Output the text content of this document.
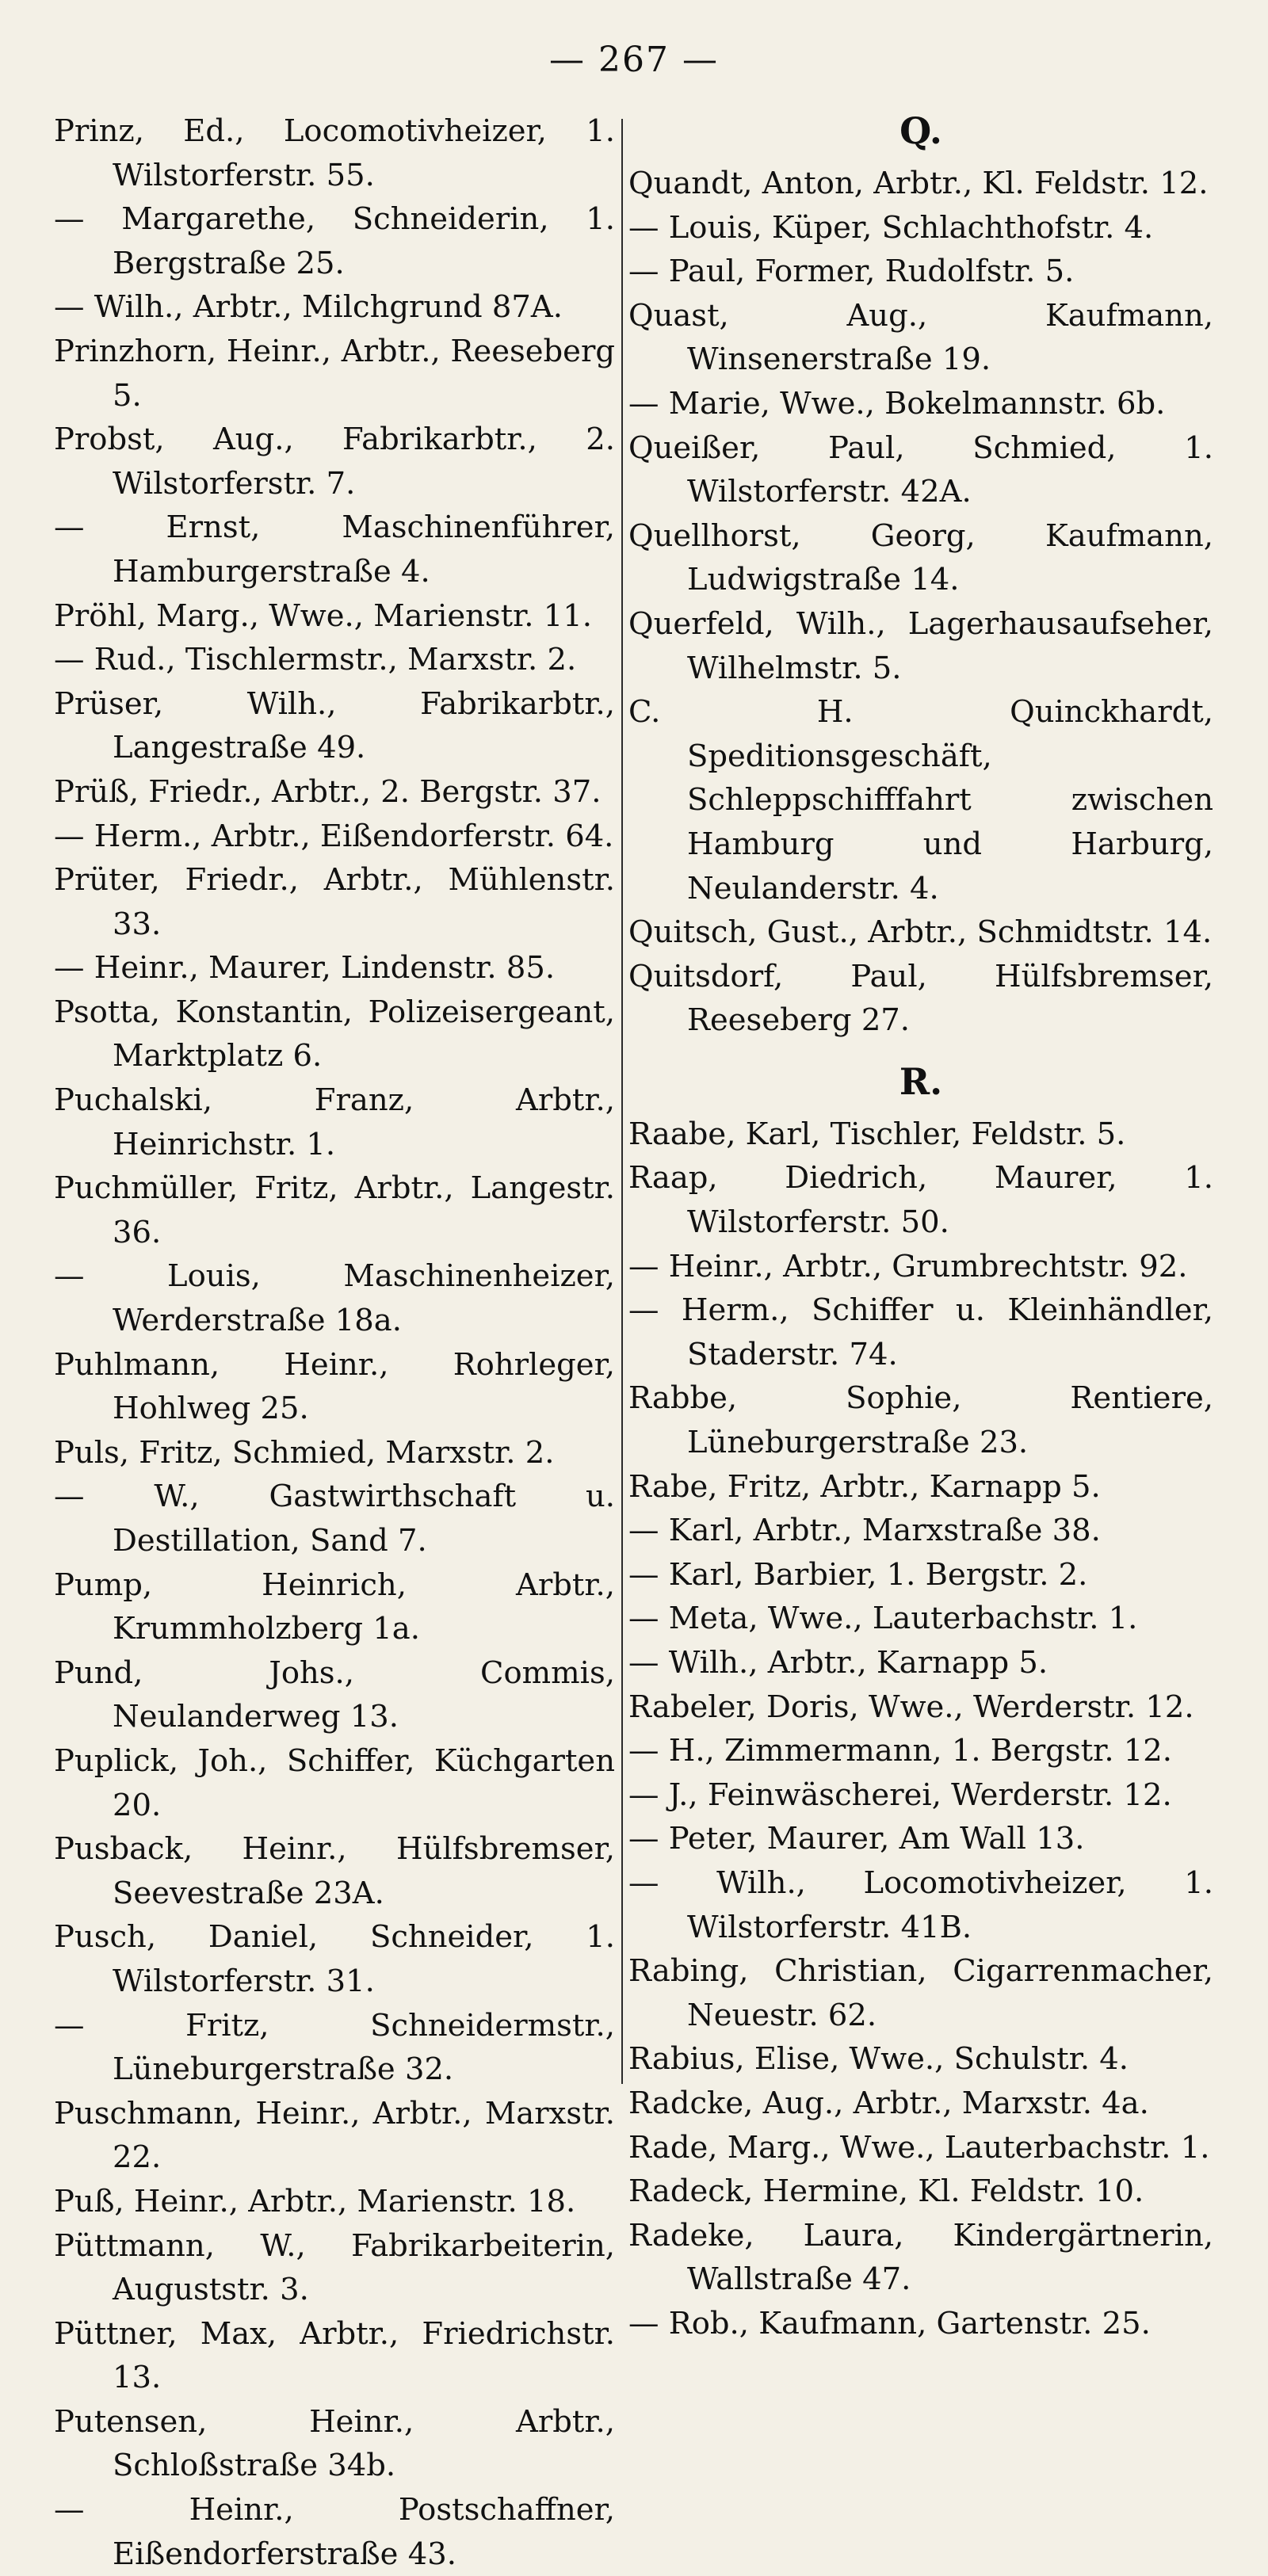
— 267 —

Prinz, Ed., Locomotivheizer, 1. Wilstorferstr. 55.

— Margarethe, Schneiderin, 1. Bergstraße 25.

— Wilh., Arbtr., Milchgrund 87A.

Prinzhorn, Heinr., Arbtr., Reeseberg 5.

Probst, Aug., Fabrikarbtr., 2. Wilstorferstr. 7.

— Ernst, Maschinenführer, Hamburgerstraße 4.

Pröhl, Marg., Wwe., Marienstr. 11.

— Rud., Tischlermstr., Marxstr. 2.

Prüser, Wilh., Fabrikarbtr., Langestraße 49.

Prüß, Friedr., Arbtr., 2. Bergstr. 37.

— Herm., Arbtr., Eißendorferstr. 64.

Prüter, Friedr., Arbtr., Mühlenstr. 33.

— Heinr., Maurer, Lindenstr. 85.

Psotta, Konstantin, Polizeisergeant, Marktplatz 6.

Puchalski, Franz, Arbtr., Heinrichstr. 1.

Puchmüller, Fritz, Arbtr., Langestr. 36.

— Louis, Maschinenheizer, Werderstraße 18a.

Puhlmann, Heinr., Rohrleger, Hohlweg 25.

Puls, Fritz, Schmied, Marxstr. 2.

— W., Gastwirthschaft u. Destillation, Sand 7.

Pump, Heinrich, Arbtr., Krummholzberg 1a.

Pund, Johs., Commis, Neulanderweg 13.

Puplick, Joh., Schiffer, Küchgarten 20.

Pusback, Heinr., Hülfsbremser, Seevestraße 23A.

Pusch, Daniel, Schneider, 1. Wilstorferstr. 31.

— Fritz, Schneidermstr., Lüneburgerstraße 32.

Puschmann, Heinr., Arbtr., Marxstr. 22.

Puß, Heinr., Arbtr., Marienstr. 18.

Püttmann, W., Fabrikarbeiterin, Auguststr. 3.

Püttner, Max, Arbtr., Friedrichstr. 13.

Putensen, Heinr., Arbtr., Schloßstraße 34b.

— Heinr., Postschaffner, Eißendorferstraße 43.

Q.

Quandt, Anton, Arbtr., Kl. Feldstr. 12.

— Louis, Küper, Schlachthofstr. 4.

— Paul, Former, Rudolfstr. 5.

Quast, Aug., Kaufmann, Winsenerstraße 19.

— Marie, Wwe., Bokelmannstr. 6b.

Queißer, Paul, Schmied, 1. Wilstorferstr. 42A.

Quellhorst, Georg, Kaufmann, Ludwigstraße 14.

Querfeld, Wilh., Lagerhausaufseher, Wilhelmstr. 5.

C. H. Quinckhardt, Speditionsgeschäft, Schleppschifffahrt zwischen Hamburg und Harburg, Neulanderstr. 4.

Quitsch, Gust., Arbtr., Schmidtstr. 14.

Quitsdorf, Paul, Hülfsbremser, Reeseberg 27.

R.

Raabe, Karl, Tischler, Feldstr. 5.

Raap, Diedrich, Maurer, 1. Wilstorferstr. 50.

— Heinr., Arbtr., Grumbrechtstr. 92.

— Herm., Schiffer u. Kleinhändler, Staderstr. 74.

Rabbe, Sophie, Rentiere, Lüneburgerstraße 23.

Rabe, Fritz, Arbtr., Karnapp 5.

— Karl, Arbtr., Marxstraße 38.

— Karl, Barbier, 1. Bergstr. 2.

— Meta, Wwe., Lauterbachstr. 1.

— Wilh., Arbtr., Karnapp 5.

Rabeler, Doris, Wwe., Werderstr. 12.

— H., Zimmermann, 1. Bergstr. 12.

— J., Feinwäscherei, Werderstr. 12.

— Peter, Maurer, Am Wall 13.

— Wilh., Locomotivheizer, 1. Wilstorferstr. 41B.

Rabing, Christian, Cigarrenmacher, Neuestr. 62.

Rabius, Elise, Wwe., Schulstr. 4.

Radcke, Aug., Arbtr., Marxstr. 4a.

Rade, Marg., Wwe., Lauterbachstr. 1.

Radeck, Hermine, Kl. Feldstr. 10.

Radeke, Laura, Kindergärtnerin, Wallstraße 47.

— Rob., Kaufmann, Gartenstr. 25.
